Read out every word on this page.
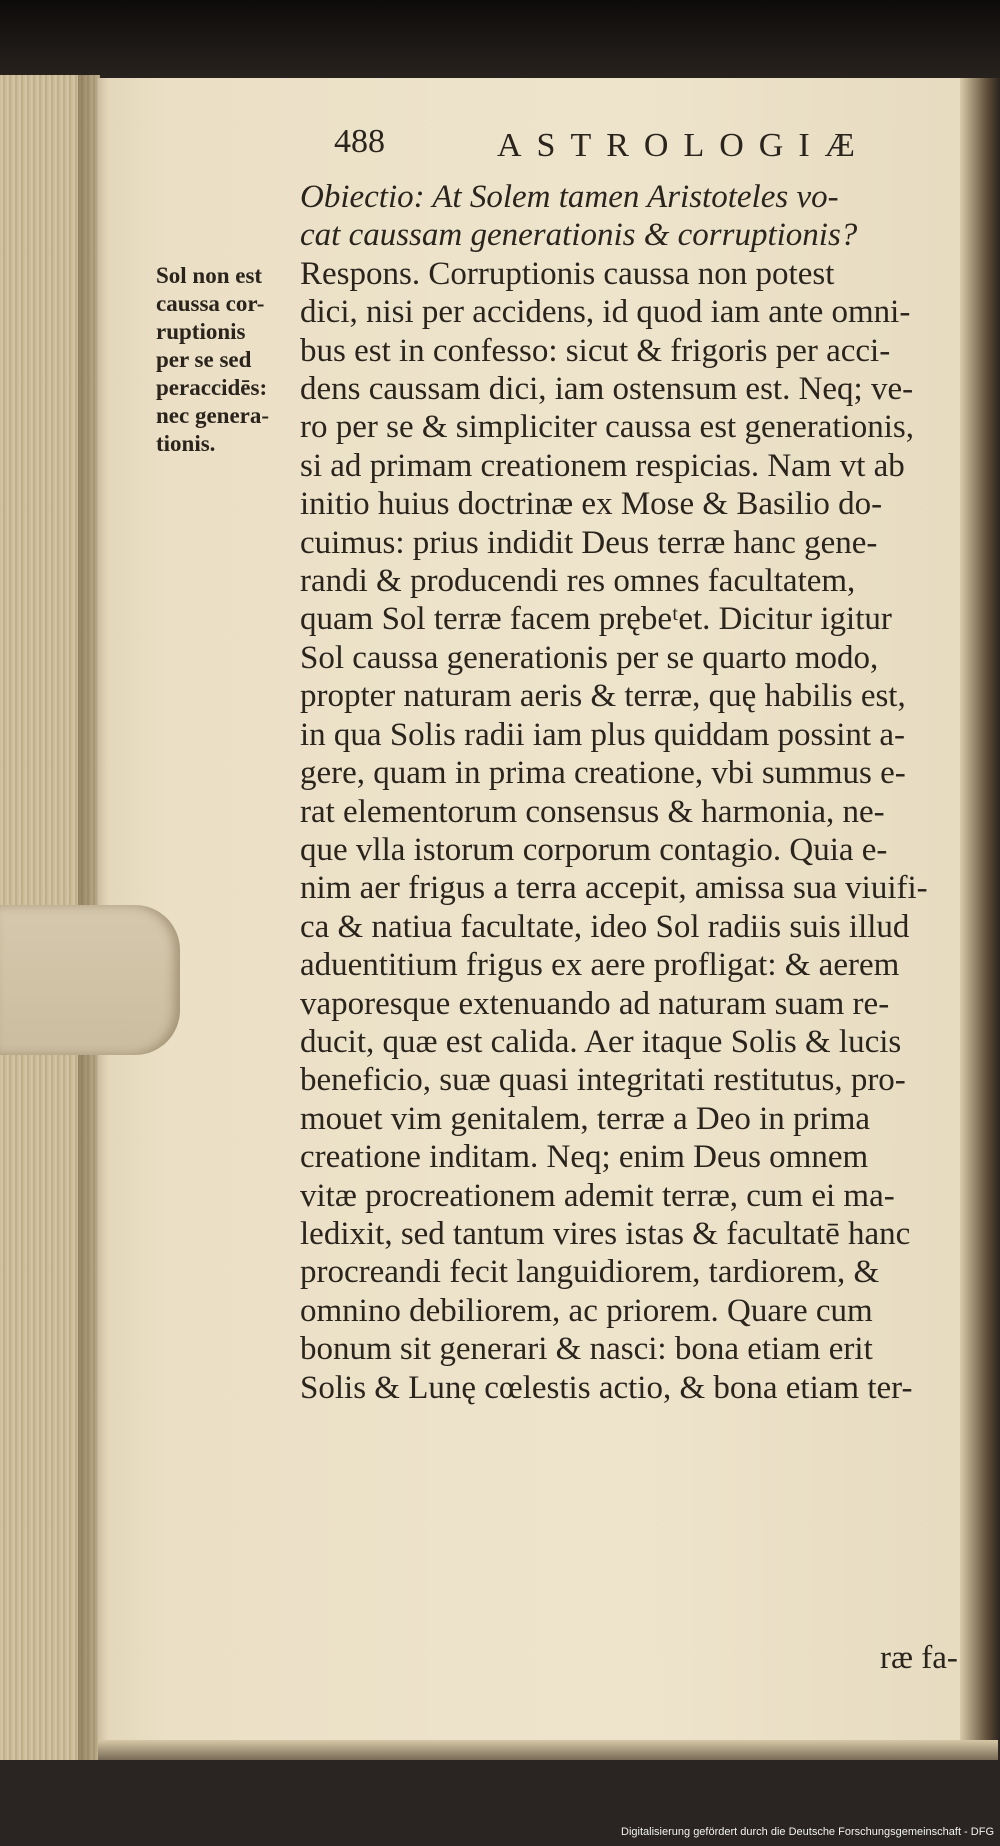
488	ASTROLOGIÆ
Sol non est
caussa cor-
ruptionis
per se sed
peraccidēs:
nec genera-
tionis.
Obiectio: At Solem tamen Aristoteles vo-
cat caussam generationis & corruptionis?
Respons. Corruptionis caussa non potest
dici, nisi per accidens, id quod iam ante omni-
bus est in confesso: sicut & frigoris per acci-
dens caussam dici, iam ostensum est. Neq; ve-
ro per se & simpliciter caussa est generationis,
si ad primam creationem respicias. Nam vt ab
initio huius doctrinæ ex Mose & Basilio do-
cuimus: prius indidit Deus terræ hanc gene-
randi & producendi res omnes facultatem,
quam Sol terræ facem prębeᵗet. Dicitur igitur
Sol caussa generationis per se quarto modo,
propter naturam aeris & terræ, quę habilis est,
in qua Solis radii iam plus quiddam possint a-
gere, quam in prima creatione, vbi summus e-
rat elementorum consensus & harmonia, ne-
que vlla istorum corporum contagio. Quia e-
nim aer frigus a terra accepit, amissa sua viuifi-
ca & natiua facultate, ideo Sol radiis suis illud
aduentitium frigus ex aere profligat: & aerem
vaporesque extenuando ad naturam suam re-
ducit, quæ est calida. Aer itaque Solis & lucis
beneficio, suæ quasi integritati restitutus, pro-
mouet vim genitalem, terræ a Deo in prima
creatione inditam. Neq; enim Deus omnem
vitæ procreationem ademit terræ, cum ei ma-
ledixit, sed tantum vires istas & facultatē hanc
procreandi fecit languidiorem, tardiorem, &
omnino debiliorem, ac priorem. Quare cum
bonum sit generari & nasci: bona etiam erit
Solis & Lunę cœlestis actio, & bona etiam ter-
ræ fa-
Digitalisierung gefördert durch die Deutsche Forschungsgemeinschaft - DFG
